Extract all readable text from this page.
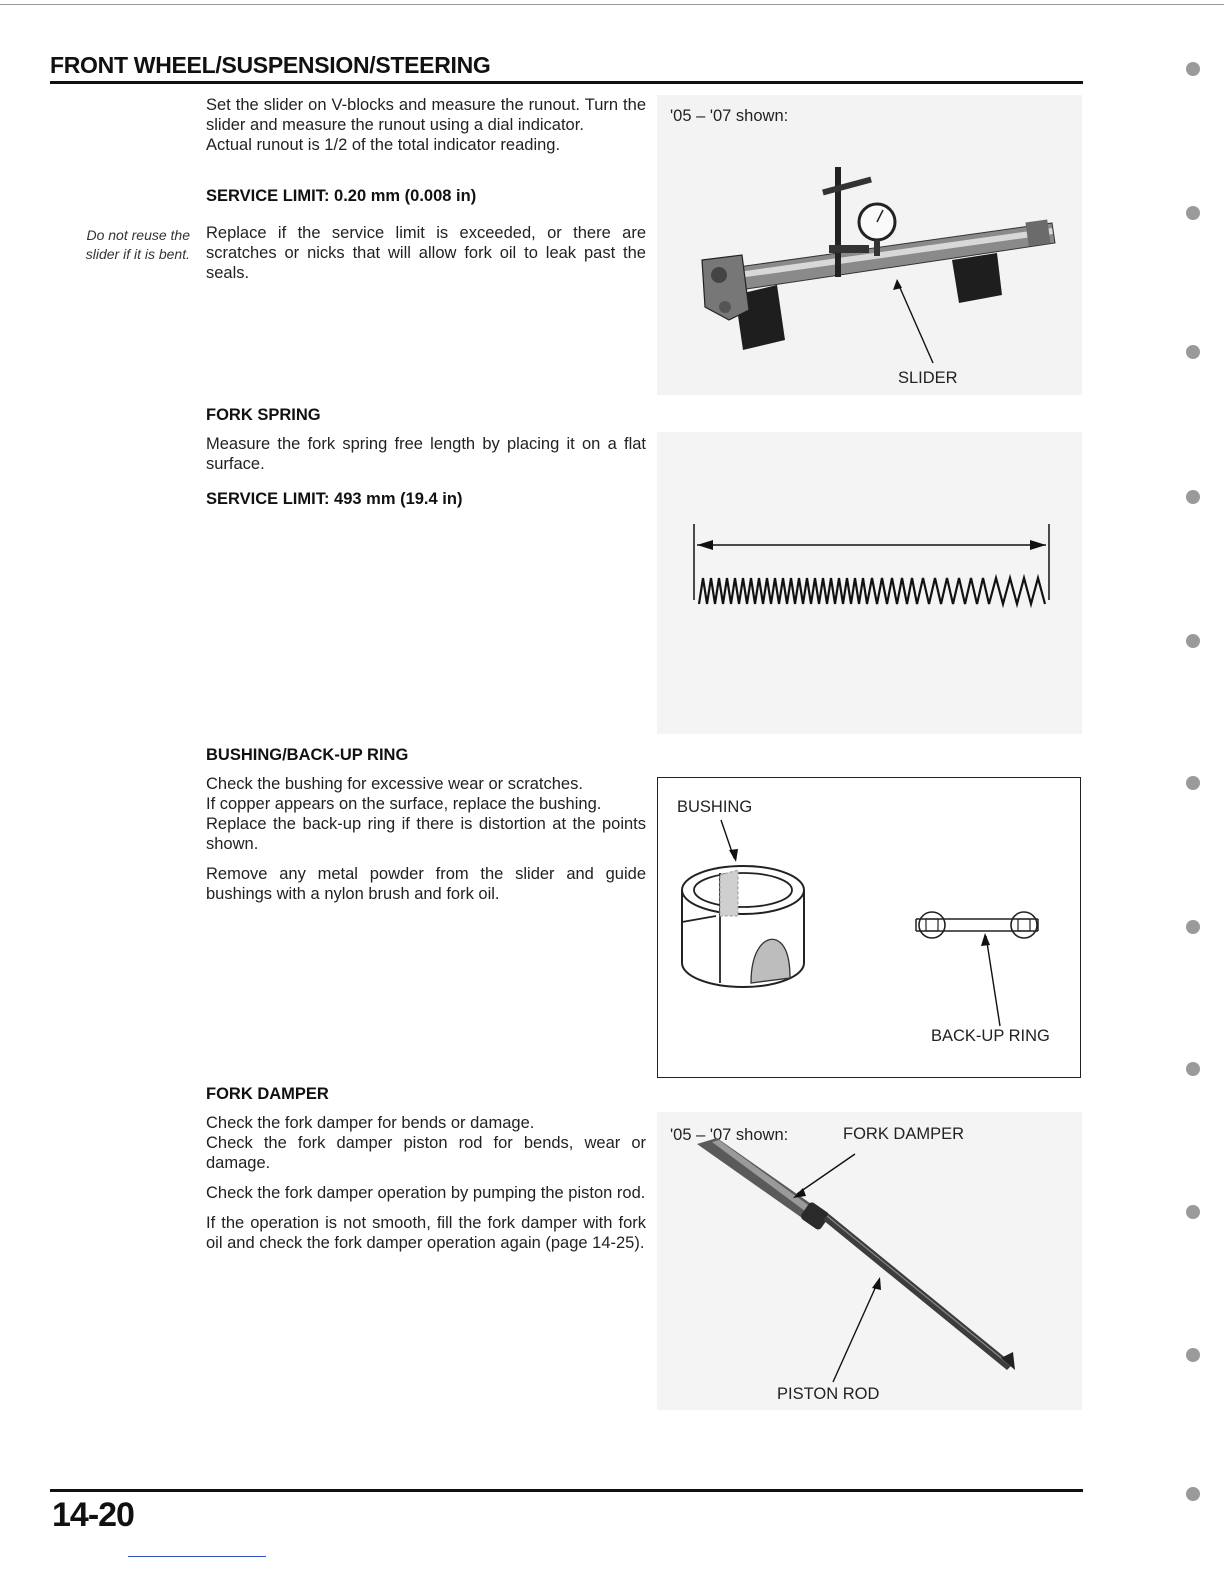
FRONT WHEEL/SUSPENSION/STEERING

Set the slider on V-blocks and measure the runout. Turn the slider and measure the runout using a dial indicator.

Actual runout is 1/2 of the total indicator reading.

SERVICE LIMIT: 0.20 mm (0.008 in)
Do not reuse the slider if it is bent.

Replace if the service limit is exceeded, or there are scratches or nicks that will allow fork oil to leak past the seals.

'05 – '07 shown:
SLIDER
FORK SPRING

Measure the fork spring free length by placing it on a flat surface.

SERVICE LIMIT: 493 mm (19.4 in)
BUSHING/BACK-UP RING

Check the bushing for excessive wear or scratches.

If copper appears on the surface, replace the bushing.

Replace the back-up ring if there is distortion at the points shown.

Remove any metal powder from the slider and guide bushings with a nylon brush and fork oil.

BUSHING
BACK-UP RING
FORK DAMPER

Check the fork damper for bends or damage.

Check the fork damper piston rod for bends, wear or damage.

Check the fork damper operation by pumping the piston rod.

If the operation is not smooth, fill the fork damper with fork oil and check the fork damper operation again (page 14-25).

'05 – '07 shown:	FORK DAMPER
PISTON ROD
14-20
